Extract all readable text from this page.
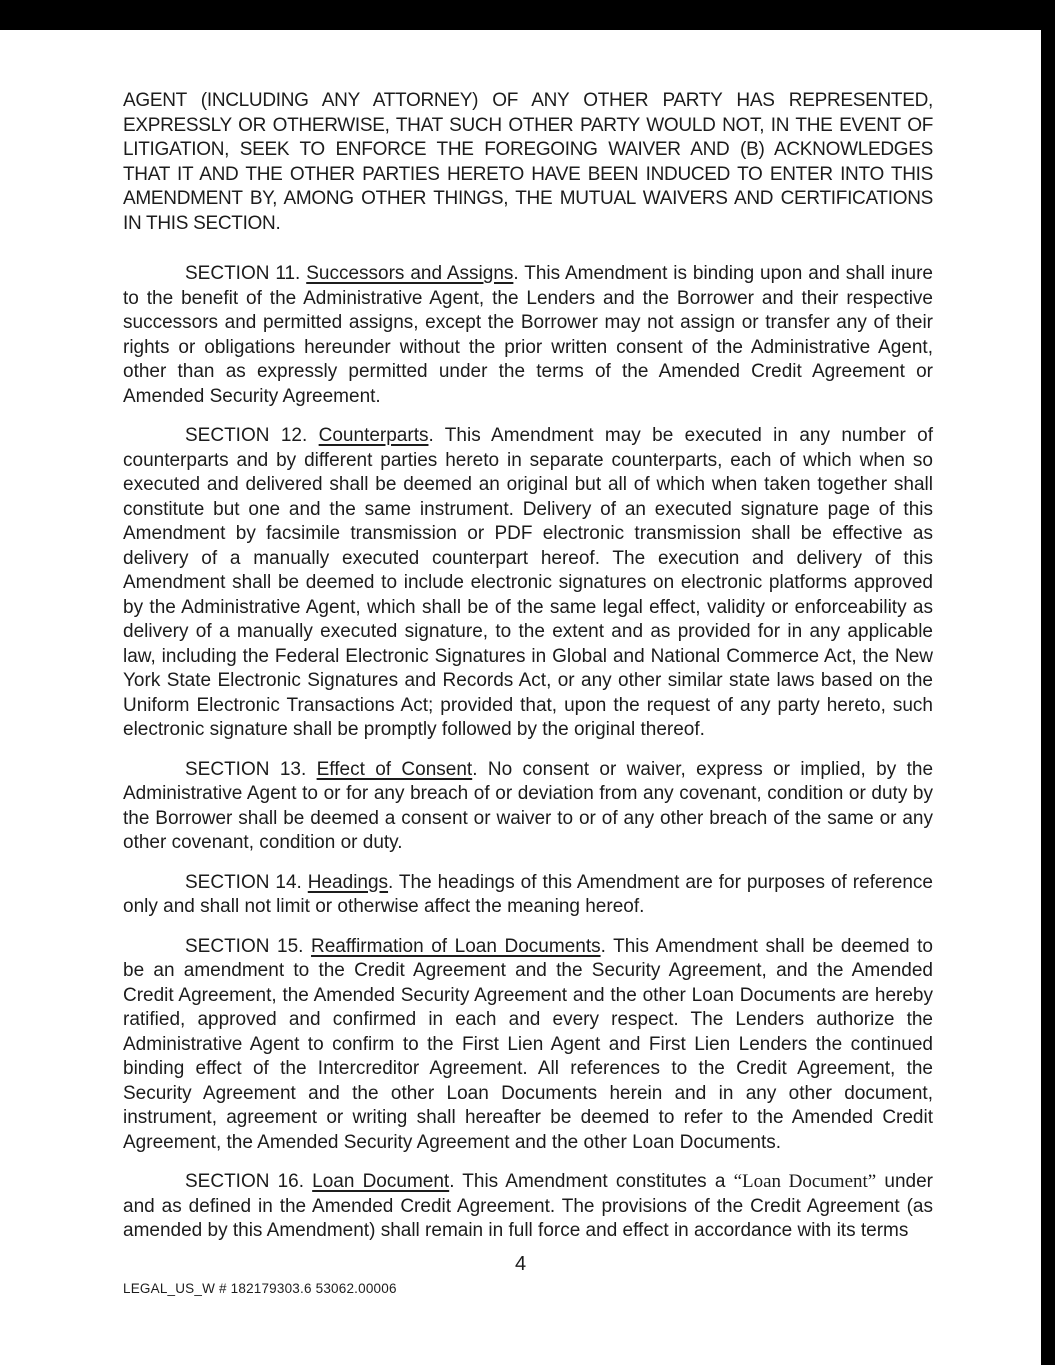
AGENT (INCLUDING ANY ATTORNEY) OF ANY OTHER PARTY HAS REPRESENTED, EXPRESSLY OR OTHERWISE, THAT SUCH OTHER PARTY WOULD NOT, IN THE EVENT OF LITIGATION, SEEK TO ENFORCE THE FOREGOING WAIVER AND (B) ACKNOWLEDGES THAT IT AND THE OTHER PARTIES HERETO HAVE BEEN INDUCED TO ENTER INTO THIS AMENDMENT BY, AMONG OTHER THINGS, THE MUTUAL WAIVERS AND CERTIFICATIONS IN THIS SECTION.

SECTION 11. Successors and Assigns. This Amendment is binding upon and shall inure to the benefit of the Administrative Agent, the Lenders and the Borrower and their respective successors and permitted assigns, except the Borrower may not assign or transfer any of their rights or obligations hereunder without the prior written consent of the Administrative Agent, other than as expressly permitted under the terms of the Amended Credit Agreement or Amended Security Agreement.

SECTION 12. Counterparts. This Amendment may be executed in any number of counterparts and by different parties hereto in separate counterparts, each of which when so executed and delivered shall be deemed an original but all of which when taken together shall constitute but one and the same instrument. Delivery of an executed signature page of this Amendment by facsimile transmission or PDF electronic transmission shall be effective as delivery of a manually executed counterpart hereof. The execution and delivery of this Amendment shall be deemed to include electronic signatures on electronic platforms approved by the Administrative Agent, which shall be of the same legal effect, validity or enforceability as delivery of a manually executed signature, to the extent and as provided for in any applicable law, including the Federal Electronic Signatures in Global and National Commerce Act, the New York State Electronic Signatures and Records Act, or any other similar state laws based on the Uniform Electronic Transactions Act; provided that, upon the request of any party hereto, such electronic signature shall be promptly followed by the original thereof.

SECTION 13. Effect of Consent. No consent or waiver, express or implied, by the Administrative Agent to or for any breach of or deviation from any covenant, condition or duty by the Borrower shall be deemed a consent or waiver to or of any other breach of the same or any other covenant, condition or duty.

SECTION 14. Headings. The headings of this Amendment are for purposes of reference only and shall not limit or otherwise affect the meaning hereof.

SECTION 15. Reaffirmation of Loan Documents. This Amendment shall be deemed to be an amendment to the Credit Agreement and the Security Agreement, and the Amended Credit Agreement, the Amended Security Agreement and the other Loan Documents are hereby ratified, approved and confirmed in each and every respect. The Lenders authorize the Administrative Agent to confirm to the First Lien Agent and First Lien Lenders the continued binding effect of the Intercreditor Agreement. All references to the Credit Agreement, the Security Agreement and the other Loan Documents herein and in any other document, instrument, agreement or writing shall hereafter be deemed to refer to the Amended Credit Agreement, the Amended Security Agreement and the other Loan Documents.

SECTION 16. Loan Document. This Amendment constitutes a “Loan Document” under and as defined in the Amended Credit Agreement. The provisions of the Credit Agreement (as amended by this Amendment) shall remain in full force and effect in accordance with its terms

4
LEGAL_US_W # 182179303.6 53062.00006
